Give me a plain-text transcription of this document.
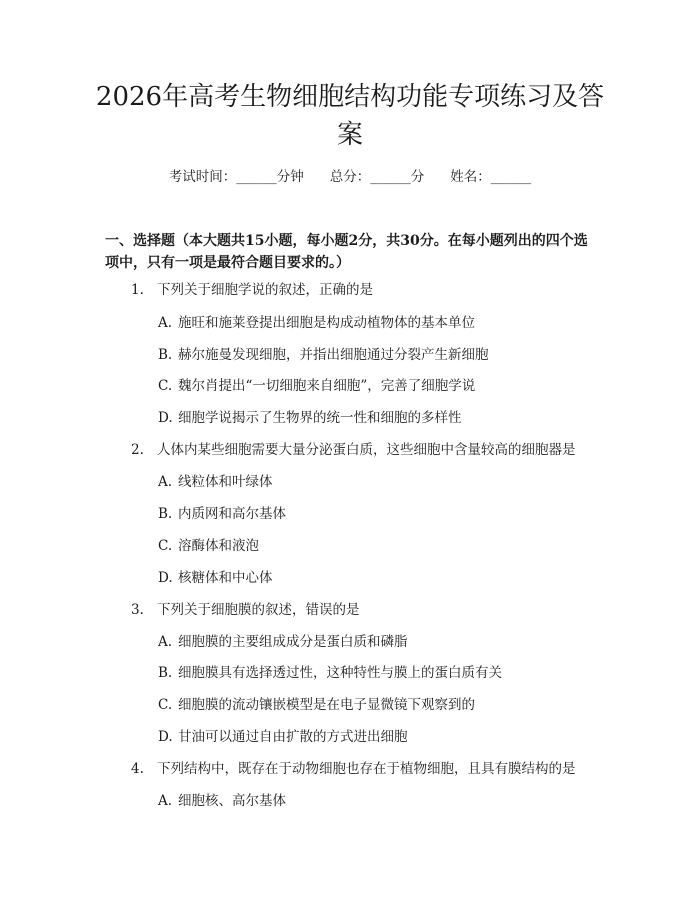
2026年高考生物细胞结构功能专项练习及答
案
考试时间：______分钟 总分：______分 姓名：______
一、选择题（本大题共15小题，每小题2分，共30分。在每小题列出的四个选
项中，只有一项是最符合题目要求的。）
1. 下列关于细胞学说的叙述，正确的是
A. 施旺和施莱登提出细胞是构成动植物体的基本单位
B. 赫尔施曼发现细胞，并指出细胞通过分裂产生新细胞
C. 魏尔肖提出“一切细胞来自细胞”，完善了细胞学说
D. 细胞学说揭示了生物界的统一性和细胞的多样性
2. 人体内某些细胞需要大量分泌蛋白质，这些细胞中含量较高的细胞器是
A. 线粒体和叶绿体
B. 内质网和高尔基体
C. 溶酶体和液泡
D. 核糖体和中心体
3. 下列关于细胞膜的叙述，错误的是
A. 细胞膜的主要组成成分是蛋白质和磷脂
B. 细胞膜具有选择透过性，这种特性与膜上的蛋白质有关
C. 细胞膜的流动镶嵌模型是在电子显微镜下观察到的
D. 甘油可以通过自由扩散的方式进出细胞
4. 下列结构中，既存在于动物细胞也存在于植物细胞，且具有膜结构的是
A. 细胞核、高尔基体
